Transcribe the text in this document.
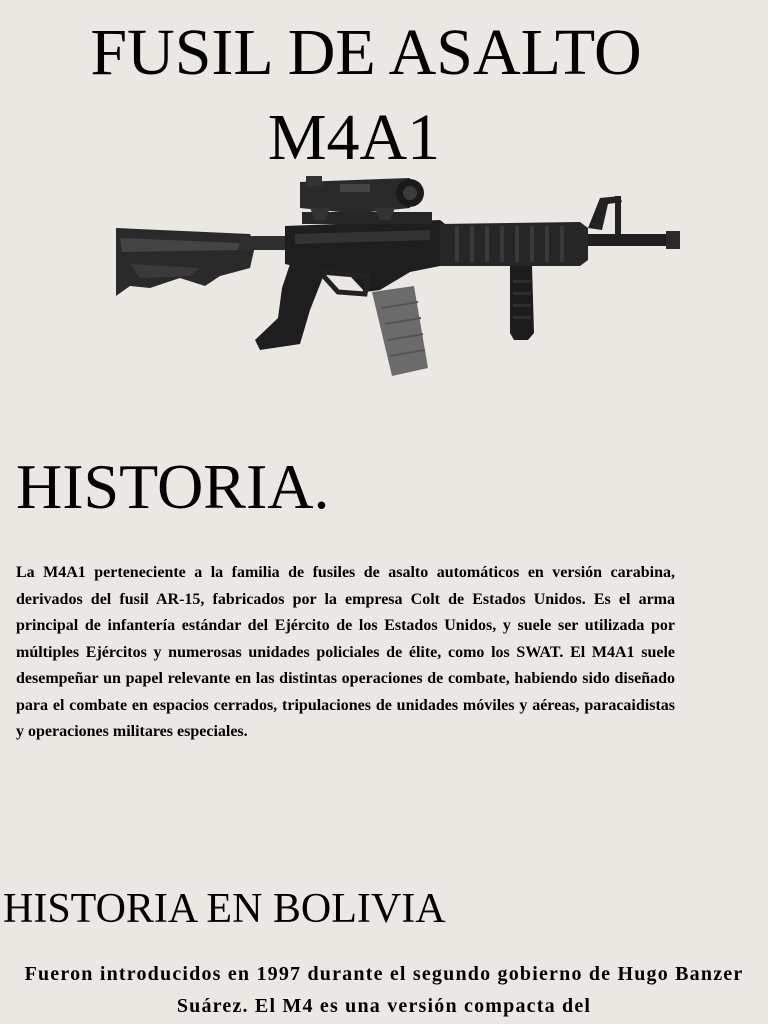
FUSIL DE ASALTO
M4A1
HISTORIA.

La M4A1 perteneciente a la familia de fusiles de asalto automáticos en versión carabina, derivados del fusil AR-15, fabricados por la empresa Colt de Estados Unidos. Es el arma principal de infantería estándar del Ejército de los Estados Unidos, y suele ser utilizada por múltiples Ejércitos y numerosas unidades policiales de élite, como los SWAT. El M4A1 suele desempeñar un papel relevante en las distintas operaciones de combate, habiendo sido diseñado para el combate en espacios cerrados, tripulaciones de unidades móviles y aéreas, paracaidistas y operaciones militares especiales.

HISTORIA EN BOLIVIA

Fueron introducidos en 1997 durante el segundo gobierno de Hugo Banzer Suárez. El M4 es una versión compacta del
